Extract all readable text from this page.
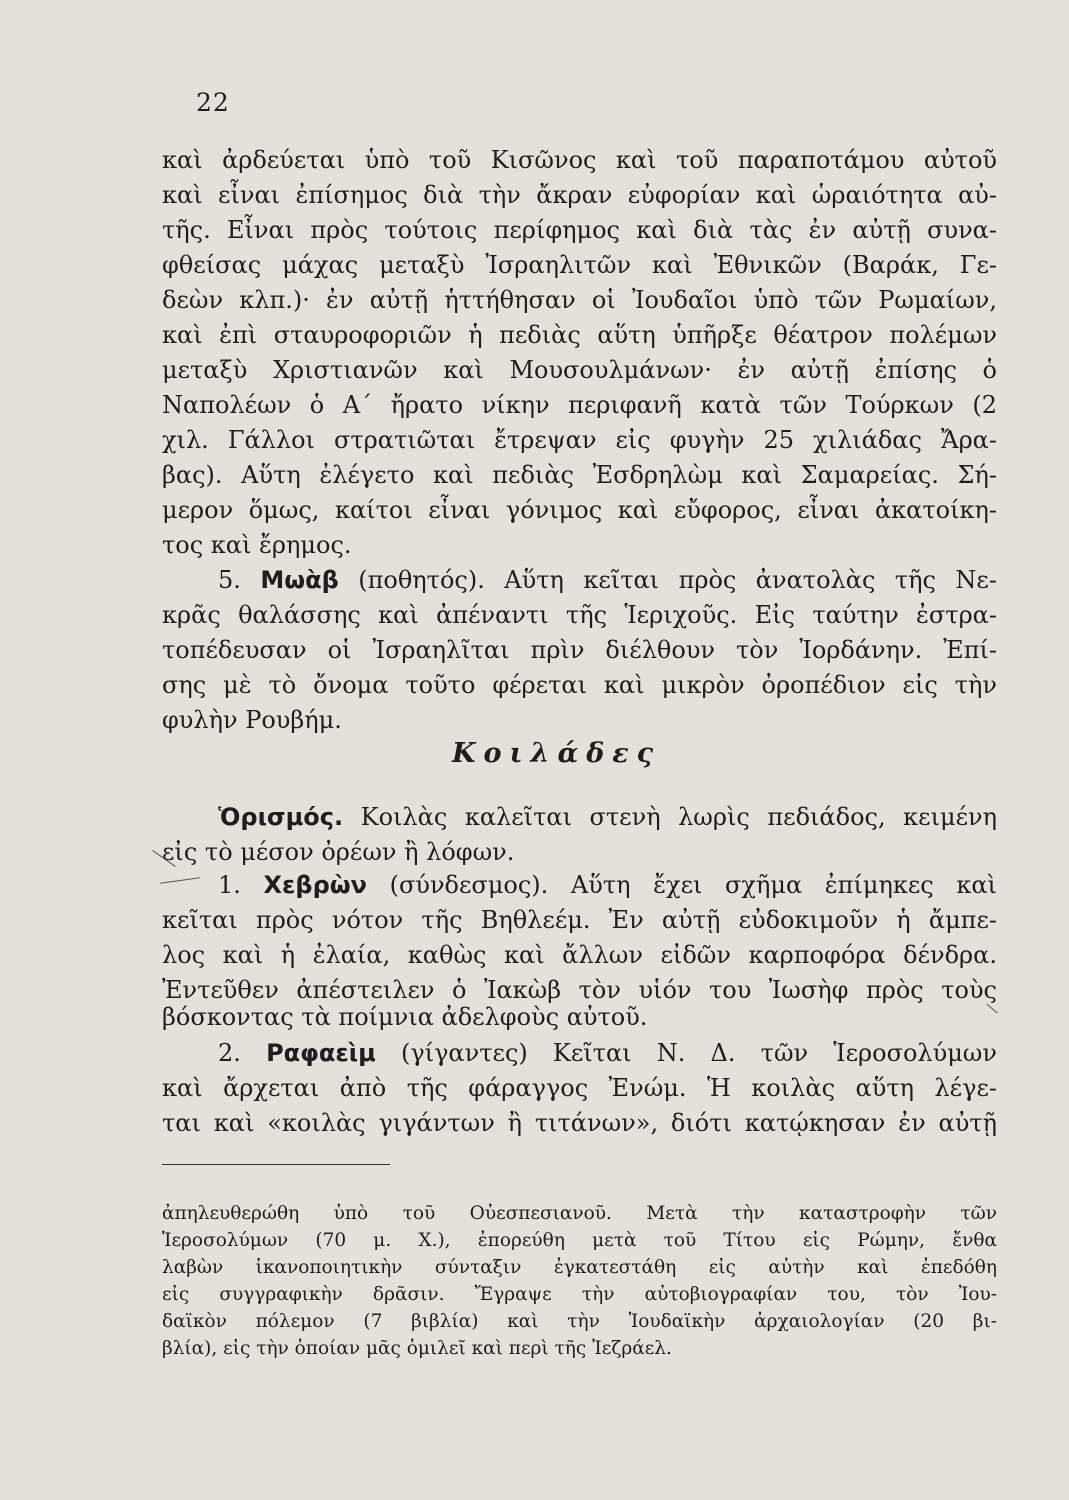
22
καὶ ἀρδεύεται ὑπὸ τοῦ Κισῶνος καὶ τοῦ παραποτάμου αὐτοῦ
καὶ εἶναι ἐπίσημος διὰ τὴν ἄκραν εὐφορίαν καὶ ὡραιότητα αὐ-
τῆς. Εἶναι πρὸς τούτοις περίφημος καὶ διὰ τὰς ἐν αὐτῇ συνα-
φθείσας μάχας μεταξὺ Ἰσραηλιτῶν καὶ Ἐθνικῶν (Βαράκ, Γε-
δεὼν κλπ.)· ἐν αὐτῇ ἡττήθησαν οἱ Ἰουδαῖοι ὑπὸ τῶν Ρωμαίων,
καὶ ἐπὶ σταυροφοριῶν ἡ πεδιὰς αὕτη ὑπῆρξε θέατρον πολέμων
μεταξὺ Χριστιανῶν καὶ Μουσουλμάνων· ἐν αὐτῇ ἐπίσης ὁ
Ναπολέων ὁ Α΄ ἤρατο νίκην περιφανῆ κατὰ τῶν Τούρκων (2
χιλ. Γάλλοι στρατιῶται ἔτρεψαν εἰς φυγὴν 25 χιλιάδας Ἄρα-
βας). Αὕτη ἐλέγετο καὶ πεδιὰς Ἐσδρηλὼμ καὶ Σαμαρείας. Σή-
μερον ὅμως, καίτοι εἶναι γόνιμος καὶ εὔφορος, εἶναι ἀκατοίκη-
τος καὶ ἔρημος.
5. Μωὰβ (ποθητός). Αὕτη κεῖται πρὸς ἀνατολὰς τῆς Νε-
κρᾶς θαλάσσης καὶ ἀπέναντι τῆς Ἱεριχοῦς. Εἰς ταύτην ἐστρα-
τοπέδευσαν οἱ Ἰσραηλῖται πρὶν διέλθουν τὸν Ἰορδάνην. Ἐπί-
σης μὲ τὸ ὄνομα τοῦτο φέρεται καὶ μικρὸν ὀροπέδιον εἰς τὴν
φυλὴν Ρουβήμ.
Κοιλάδες
Ὁρισμός. Κοιλὰς καλεῖται στενὴ λωρὶς πεδιάδος, κειμένη
εἰς τὸ μέσον ὀρέων ἢ λόφων.
1. Χεβρὼν (σύνδεσμος). Αὕτη ἔχει σχῆμα ἐπίμηκες καὶ
κεῖται πρὸς νότον τῆς Βηθλεέμ. Ἐν αὐτῇ εὐδοκιμοῦν ἡ ἄμπε-
λος καὶ ἡ ἐλαία, καθὼς καὶ ἄλλων εἰδῶν καρποφόρα δένδρα.
Ἐντεῦθεν ἀπέστειλεν ὁ Ἰακὼβ τὸν υἱόν του Ἰωσὴφ πρὸς τοὺς
βόσκοντας τὰ ποίμνια ἀδελφοὺς αὐτοῦ.
2. Ραφαεὶμ (γίγαντες) Κεῖται Ν. Δ. τῶν Ἱεροσολύμων
καὶ ἄρχεται ἀπὸ τῆς φάραγγος Ἐνώμ. Ἡ κοιλὰς αὕτη λέγε-
ται καὶ «κοιλὰς γιγάντων ἢ τιτάνων», διότι κατῴκησαν ἐν αὐτῇ
ἀπηλευθερώθη ὑπὸ τοῦ Οὐεσπεσιανοῦ. Μετὰ τὴν καταστροφὴν τῶν
Ἱεροσολύμων (70 μ. Χ.), ἐπορεύθη μετὰ τοῦ Τίτου εἰς Ρώμην, ἔνθα
λαβὼν ἱκανοποιητικὴν σύνταξιν ἐγκατεστάθη εἰς αὐτὴν καὶ ἐπεδόθη
εἰς συγγραφικὴν δρᾶσιν. Ἔγραψε τὴν αὐτοβιογραφίαν του, τὸν Ἰου-
δαϊκὸν πόλεμον (7 βιβλία) καὶ τὴν Ἰουδαϊκὴν ἀρχαιολογίαν (20 βι-
βλία), εἰς τὴν ὁποίαν μᾶς ὁμιλεῖ καὶ περὶ τῆς Ἰεζράελ.
